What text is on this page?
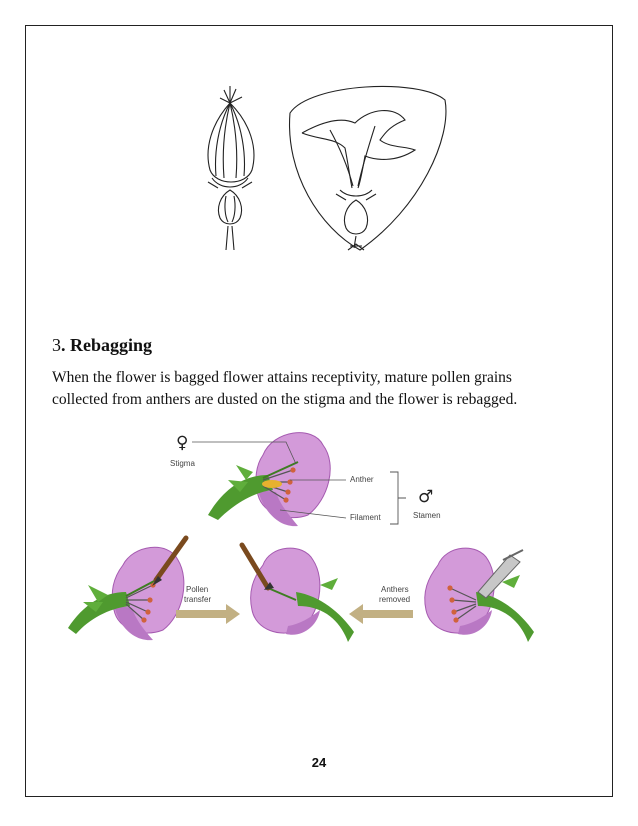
3. Rebagging

When the flower is bagged flower attains receptivity, mature pollen grains
collected from anthers are dusted on the stigma and the flower is rebagged.

♀
Stigma
Anther
Filament
♂
Stamen
Pollen
transfer
Anthers
removed
24
